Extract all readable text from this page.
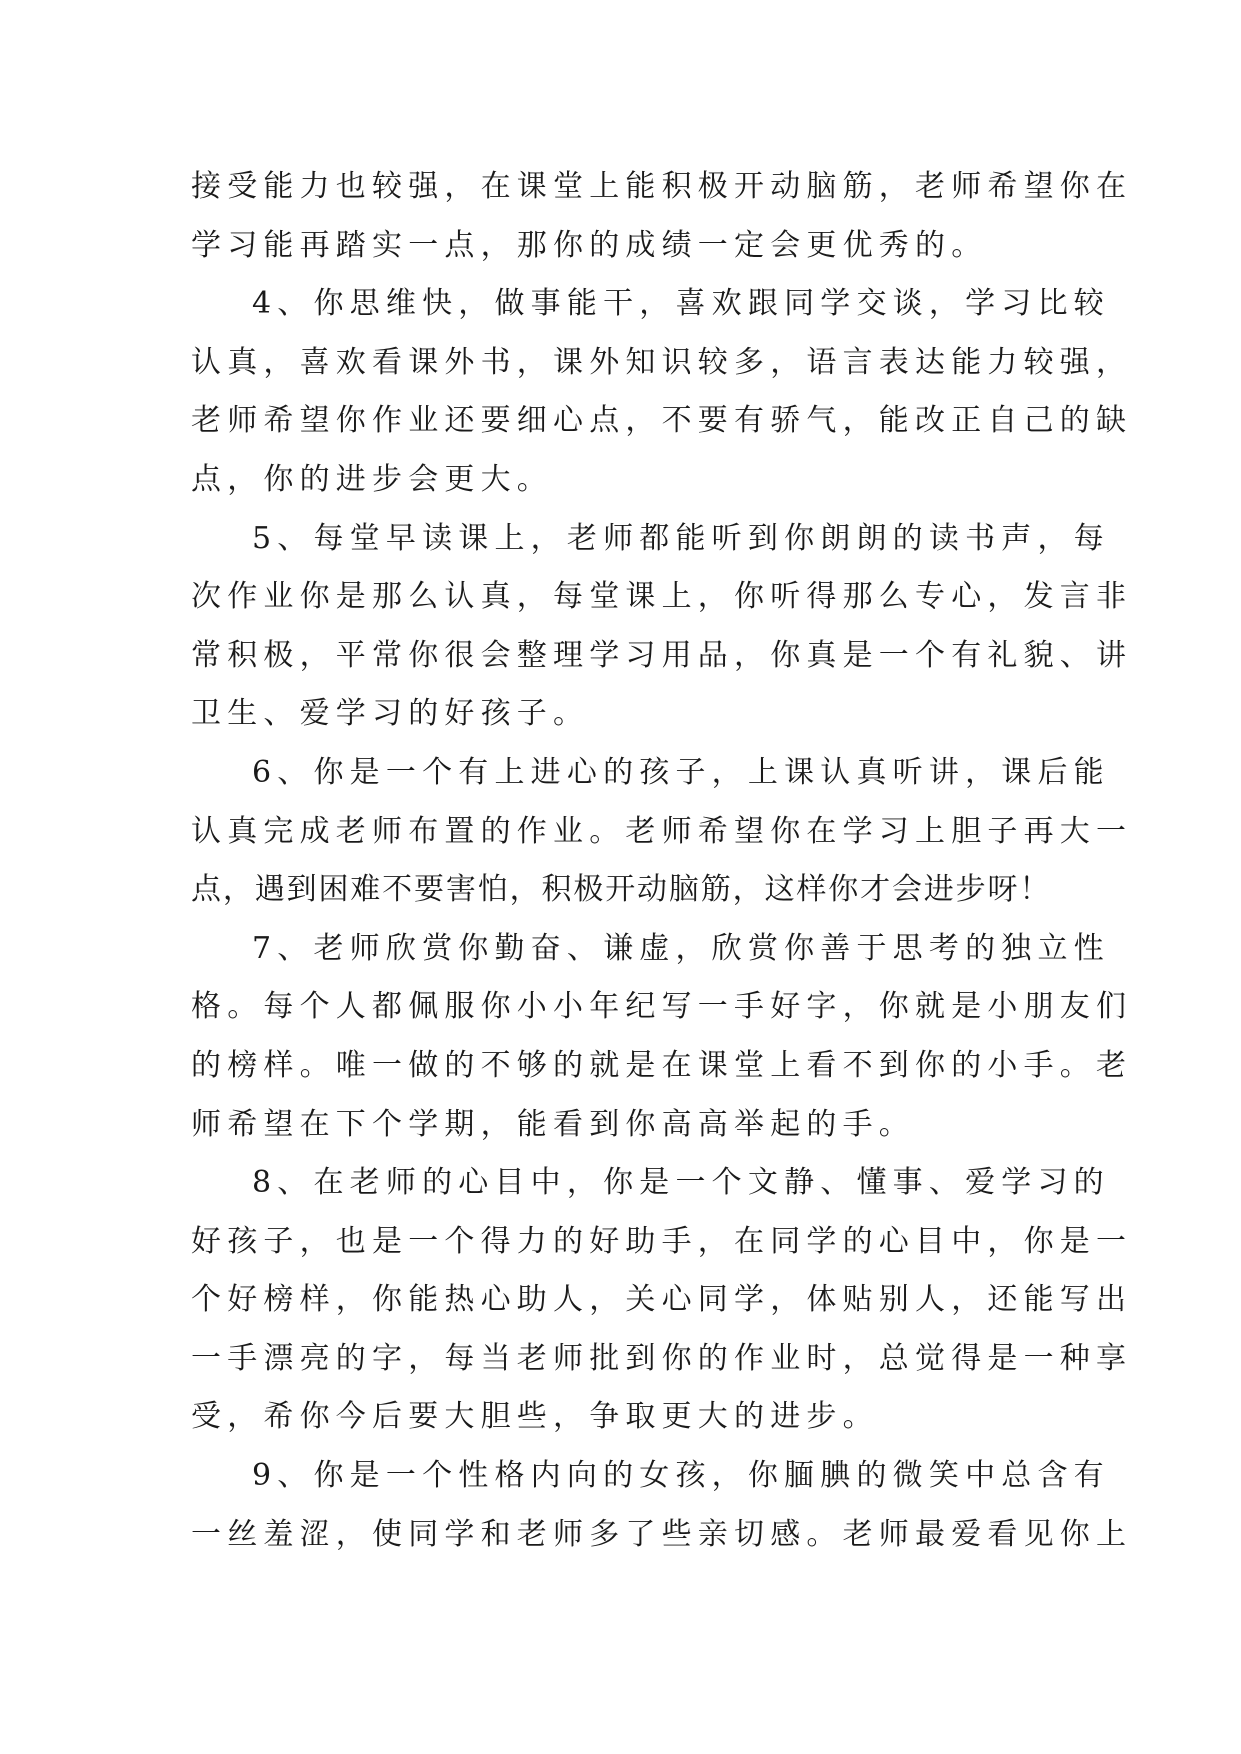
接受能力也较强，在课堂上能积极开动脑筋，老师希望你在
学习能再踏实一点，那你的成绩一定会更优秀的。
4、你思维快，做事能干，喜欢跟同学交谈，学习比较
认真，喜欢看课外书，课外知识较多，语言表达能力较强，
老师希望你作业还要细心点，不要有骄气，能改正自己的缺
点，你的进步会更大。
5、每堂早读课上，老师都能听到你朗朗的读书声，每
次作业你是那么认真，每堂课上，你听得那么专心，发言非
常积极，平常你很会整理学习用品，你真是一个有礼貌、讲
卫生、爱学习的好孩子。
6、你是一个有上进心的孩子，上课认真听讲，课后能
认真完成老师布置的作业。老师希望你在学习上胆子再大一
点，遇到困难不要害怕，积极开动脑筋，这样你才会进步呀！
7、老师欣赏你勤奋、谦虚，欣赏你善于思考的独立性
格。每个人都佩服你小小年纪写一手好字，你就是小朋友们
的榜样。唯一做的不够的就是在课堂上看不到你的小手。老
师希望在下个学期，能看到你高高举起的手。
8、在老师的心目中，你是一个文静、懂事、爱学习的
好孩子，也是一个得力的好助手，在同学的心目中，你是一
个好榜样，你能热心助人，关心同学，体贴别人，还能写出
一手漂亮的字，每当老师批到你的作业时，总觉得是一种享
受，希你今后要大胆些，争取更大的进步。
9、你是一个性格内向的女孩，你腼腆的微笑中总含有
一丝羞涩，使同学和老师多了些亲切感。老师最爱看见你上
